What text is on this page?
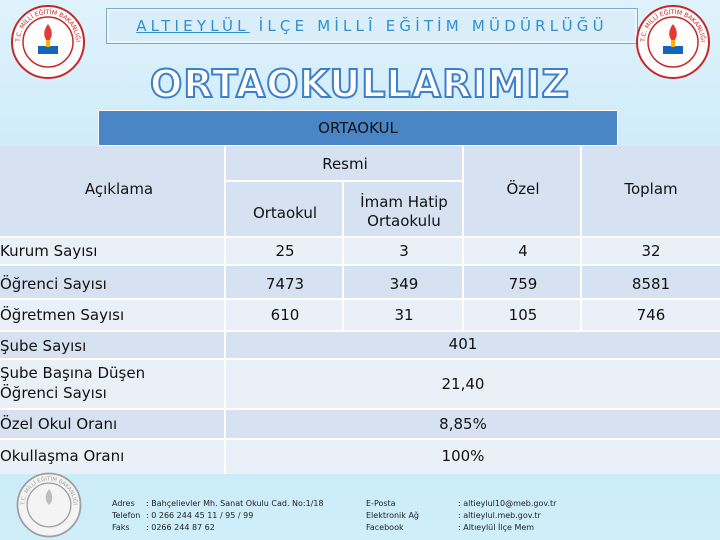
ALTIEYLÜL İLÇE MİLLÎ EĞİTİM MÜDÜRLÜĞÜ
T.C. MİLLÎ EĞİTİM BAKANLIĞI	T.C. MİLLÎ EĞİTİM BAKANLIĞI
ORTAOKULLARIMIZ
ORTAOKUL
Açıklama
Resmi
Ortaokul
İmam Hatip
Ortaokulu
Özel	Toplam
Kurum Sayısı	25	3	4	32
Öğrenci Sayısı	7473	349	759	8581
Öğretmen Sayısı	610	31	105	746
Şube Sayısı	401
Şube Başına Düşen
Öğrenci Sayısı	21,40
Özel Okul Oranı	8,85%
Okullaşma Oranı	100%
T.C. MİLLÎ EĞİTİM BAKANLIĞI	Adres : Bahçelievler Mh. Sanat Okulu Cad. No:1/18
Telefon : 0 266 244 45 11 / 95 / 99
Faks : 0266 244 87 62
E-Posta	: altieylul10@meb.gov.tr
Elektronik Ağ	: altieylul.meb.gov.tr
Facebook	: Altıeylül İlçe Mem
